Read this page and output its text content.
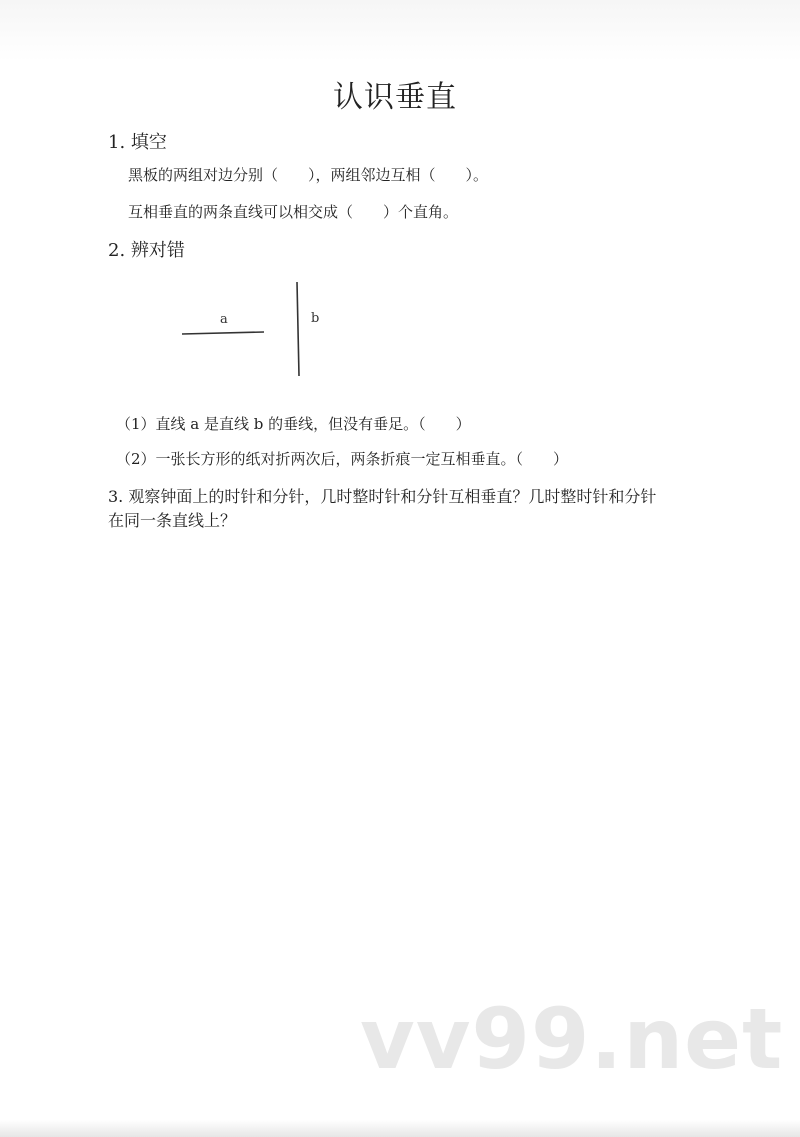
认识垂直
1. 填空
黑板的两组对边分别（　　），两组邻边互相（　　）。
互相垂直的两条直线可以相交成（　　）个直角。
2. 辨对错
a	b
（1）直线 a 是直线 b 的垂线，但没有垂足。（　　）
（2）一张长方形的纸对折两次后，两条折痕一定互相垂直。（　　）
3. 观察钟面上的时针和分针，几时整时针和分针互相垂直？几时整时针和分针
在同一条直线上？
vv99.net
